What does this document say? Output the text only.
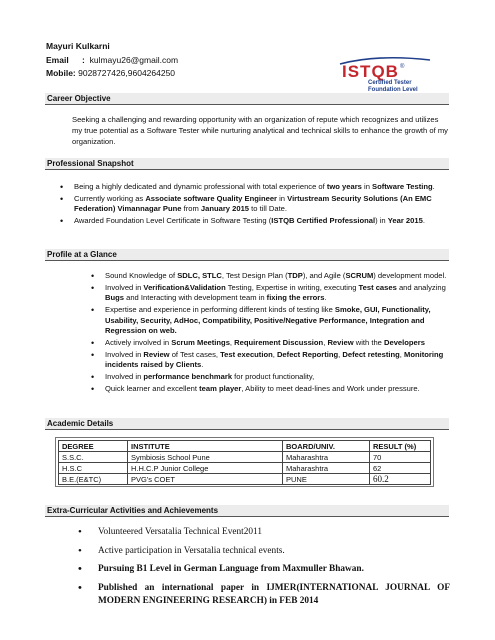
Mayuri Kulkarni
Email : kulmayu26@gmail.com
Mobile: 9028727426,9604264250	ISTQB ®
Certified Tester
Foundation Level
Career Objective
Seeking a challenging and rewarding opportunity with an organization of repute which recognizes and utilizes my true potential as a Software Tester while nurturing analytical and technical skills to enhance the growth of my organization.
Professional Snapshot
• Being a highly dedicated and dynamic professional with total experience of two years in Software Testing.
• Currently working as Associate software Quality Engineer in Virtustream Security Solutions (An EMC Federation) Vimannagar Pune from January 2015 to till Date.
• Awarded Foundation Level Certificate in Software Testing (ISTQB Certified Professional) in Year 2015.
Profile at a Glance
• Sound Knowledge of SDLC, STLC, Test Design Plan (TDP), and Agile (SCRUM) development model.
• Involved in Verification&Validation Testing, Expertise in writing, executing Test cases and analyzing Bugs and Interacting with development team in fixing the errors.
• Expertise and experience in performing different kinds of testing like Smoke, GUI, Functionality, Usability, Security, AdHoc, Compatibility, Positive/Negative Performance, Integration and Regression on web.
• Actively involved in Scrum Meetings, Requirement Discussion, Review with the Developers
• Involved in Review of Test cases, Test execution, Defect Reporting, Defect retesting, Monitoring incidents raised by Clients.
• Involved in performance benchmark for product functionality,
• Quick learner and excellent team player, Ability to meet dead-lines and Work under pressure.
Academic Details
DEGREE	INSTITUTE	BOARD/UNIV.	RESULT (%)
S.S.C.	Symbiosis School Pune	Maharashtra	70
H.S.C	H.H.C.P Junior College	Maharashtra	62
B.E.(E&TC)	PVG's COET	PUNE	60.2
Extra-Curricular Activities and Achievements
• Volunteered Versatalia Technical Event2011
• Active participation in Versatalia technical events.
• Pursuing B1 Level in German Language from Maxmuller Bhawan.
• Published an international paper in IJMER(INTERNATIONAL JOURNAL OF MODERN ENGINEERING RESEARCH) in FEB 2014
